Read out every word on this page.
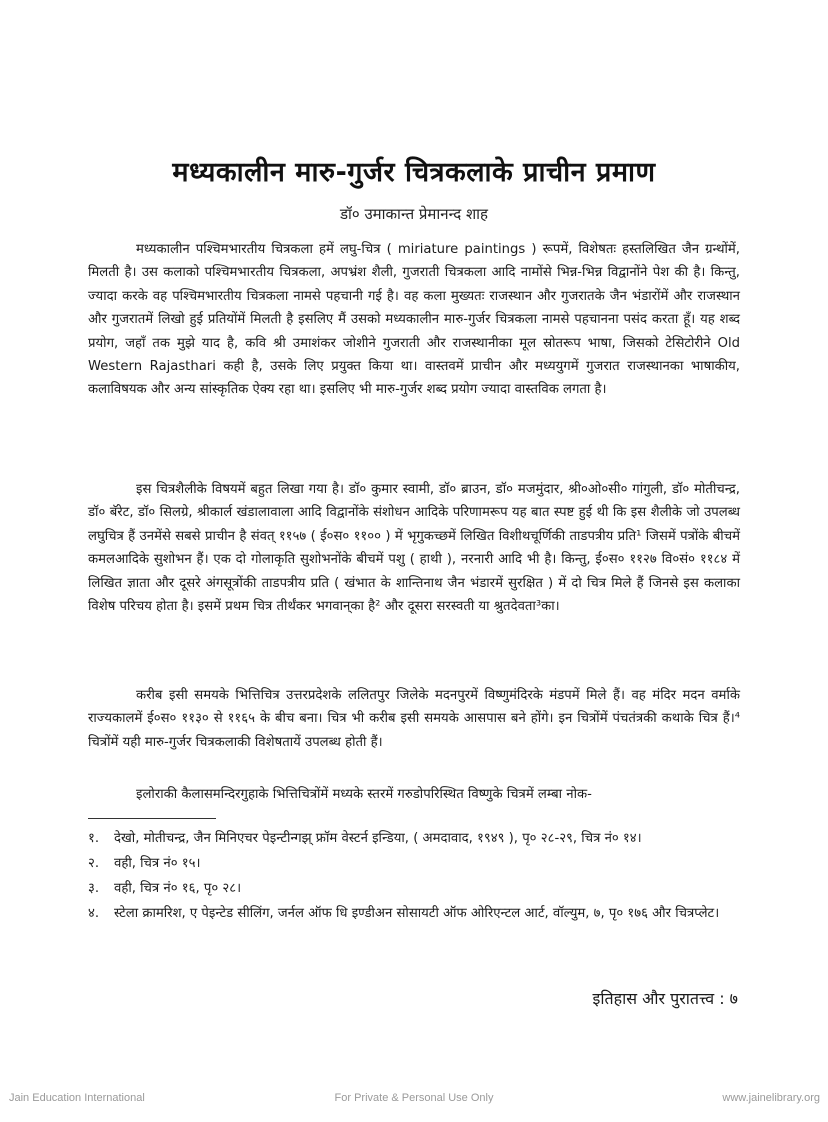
मध्यकालीन मारु-गुर्जर चित्रकलाके प्राचीन प्रमाण
डॉ० उमाकान्त प्रेमानन्द शाह

मध्यकालीन पश्चिमभारतीय चित्रकला हमें लघु-चित्र ( miriature paintings ) रूपमें, विशेषतः हस्तलिखित जैन ग्रन्थोंमें, मिलती है। उस कलाको पश्चिमभारतीय चित्रकला, अपभ्रंश शैली, गुजराती चित्रकला आदि नामोंसे भिन्न-भिन्न विद्वानोंने पेश की है। किन्तु, ज्यादा करके वह पश्चिमभारतीय चित्रकला नामसे पहचानी गई है। वह कला मुख्यतः राजस्थान और गुजरातके जैन भंडारोंमें और राजस्थान और गुजरातमें लिखो हुई प्रतियोंमें मिलती है इसलिए मैं उसको मध्यकालीन मारु-गुर्जर चित्रकला नामसे पहचानना पसंद करता हूँ। यह शब्द प्रयोग, जहाँ तक मुझे याद है, कवि श्री उमाशंकर जोशीने गुजराती और राजस्थानीका मूल स्रोतरूप भाषा, जिसको टेसिटोरीने Old Western Rajasthari कही है, उसके लिए प्रयुक्त किया था। वास्तवमें प्राचीन और मध्ययुगमें गुजरात राजस्थानका भाषाकीय, कलाविषयक और अन्य सांस्कृतिक ऐक्य रहा था। इसलिए भी मारु-गुर्जर शब्द प्रयोग ज्यादा वास्तविक लगता है।

इस चित्रशैलीके विषयमें बहुत लिखा गया है। डॉ० कुमार स्वामी, डॉ० ब्राउन, डॉ० मजमुंदार, श्री०ओ०सी० गांगुली, डॉ० मोतीचन्द्र, डॉ० बॅरेट, डॉ० सिलग्रे, श्रीकार्ल खंडालावाला आदि विद्वानोंके संशोधन आदिके परिणामरूप यह बात स्पष्ट हुई थी कि इस शैलीके जो उपलब्ध लघुचित्र हैं उनमेंसे सबसे प्राचीन है संवत् ११५७ ( ई०स० ११०० ) में भृगुकच्छमें लिखित विशीथचूर्णिकी ताडपत्रीय प्रति¹ जिसमें पत्रोंके बीचमें कमलआदिके सुशोभन हैं। एक दो गोलाकृति सुशोभनोंके बीचमें पशु ( हाथी ), नरनारी आदि भी है। किन्तु, ई०स० ११२७ वि०सं० ११८४ में लिखित ज्ञाता और दूसरे अंगसूत्रोंकी ताडपत्रीय प्रति ( खंभात के शान्तिनाथ जैन भंडारमें सुरक्षित ) में दो चित्र मिले हैं जिनसे इस कलाका विशेष परिचय होता है। इसमें प्रथम चित्र तीर्थंकर भगवान्‌का है² और दूसरा सरस्वती या श्रुतदेवता³का।

करीब इसी समयके भित्तिचित्र उत्तरप्रदेशके ललितपुर जिलेके मदनपुरमें विष्णुमंदिरके मंडपमें मिले हैं। वह मंदिर मदन वर्माके राज्यकालमें ई०स० ११३० से ११६५ के बीच बना। चित्र भी करीब इसी समयके आसपास बने होंगे। इन चित्रोंमें पंचतंत्रकी कथाके चित्र हैं।⁴ चित्रोंमें यही मारु-गुर्जर चित्रकलाकी विशेषतायें उपलब्ध होती हैं।

इलोराकी कैलासमन्दिरगुहाके भित्तिचित्रोंमें मध्यके स्तरमें गरुडोपरिस्थित विष्णुके चित्रमें लम्बा नोक-

१.	देखो, मोतीचन्द्र, जैन मिनिएचर पेइन्टीन्गझ् फ्रॉम वेस्टर्न इन्डिया, ( अमदावाद, १९४९ ), पृ० २८-२९, चित्र नं० १४।
२.	वही, चित्र नं० १५।
३.	वही, चित्र नं० १६, पृ० २८।
४.	स्टेला क्रामरिश, ए पेइन्टेड सीलिंग, जर्नल ऑफ धि इण्डीअन सोसायटी ऑफ ओरिएन्टल आर्ट, वॉल्युम, ७, पृ० १७६ और चित्रप्लेट।
इतिहास और पुरातत्त्व : ७
Jain Education International	For Private & Personal Use Only	www.jainelibrary.org
